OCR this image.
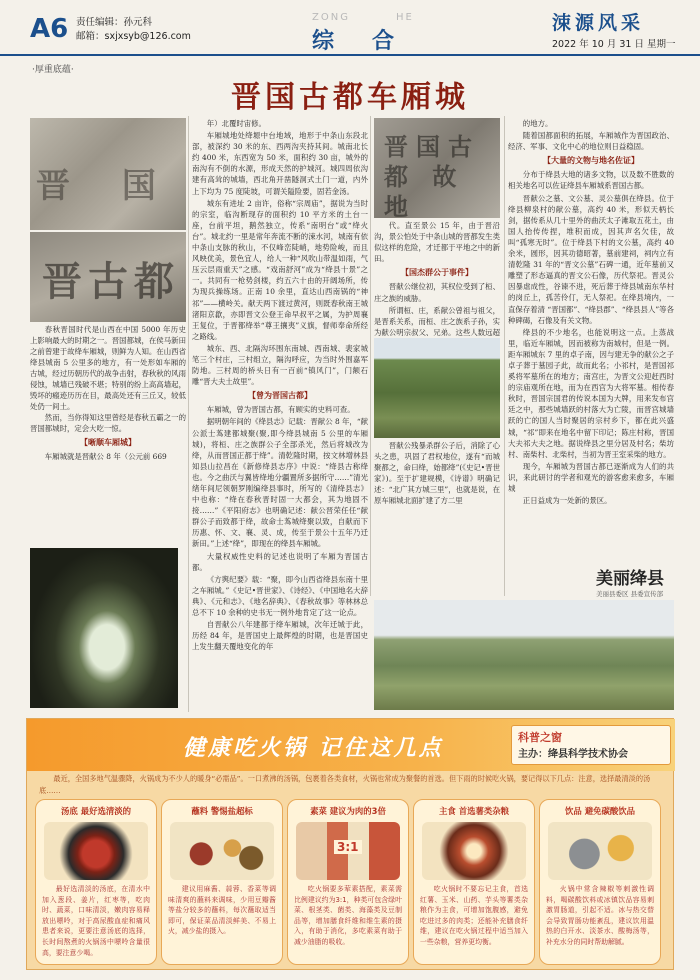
A6 责任编辑：孙元科
邮箱：sxjxsyb@126.com
ZONG	HE
综合
涑源风采
2022 年 10 月 31 日 星期一
·厚重底蕴·
晋国古都车厢城
晋 国
晋古都
晋国古都 故地

春秋晋国时代是山西在中国 5000 年历史上影响最大的时期之一。晋国都城，在侯马新田之前曾建于故绛车厢城，则鲜为人知。在山西省绛县城南 5 公里多的地方，有一处形如车厢的古城，经过历朝历代的战争击射，春秋秋的风雨侵蚀，城墙已残破不堪；特别的纷上高高墙起，毁坏的瘢迹历历在目，最高处还有三丘又，较低处仍一间土。

然而，当你得知这里曾经是春秋五霸之一的晋国都城时，定会大吃一惊。

【晰顺车厢城】

车厢城就是晋献公 8 年（公元前 669

年）北覆时宙修。

车厢城地处绛塬中台地域，地形于中条山东段北部，被深约 30 米的东、西两沟夹持其间。城南北长约 400 米，东西宽为 50 米，面积约 30 亩，城外的南沟有不倒的水源，形成天然的护城河。城四周依沟建有高耸的城墙，西北角开凿隧洞式土门一道，内外上下均为 75 度陡坡，可谓关隘险要，固若金汤。

城东有进址 2 亩许，俗称“宗周庙”，据说为当时的宗室，临沟断现存的面积约 10 平方米的土台一座，台前平坦，鹅然独立，传系“南明台”或“绛火台”。城北约一里是常年奔流不断的涑水河，城南有依中条山支脉的秋山，不仅峰峦陡峭，地势险峻，而且风映优美，景色宜人，给人一种“风吹山带温如雨，气压云层雨重天”之感。“戏南舒河”成为“绛县十景”之一。共同有一枪势剑楼，约五六十由的开阔场所，传为现兵操练场。正南 10 余里，直达山西南锅的“神祁”——横岭关。献天两下渡过黄河，则既春秋南王城渚阳京歙，亦即晋文公登王命早叔平之属，为护周襄王复位，于晋都绛举“尊王攘夷”义旗，督师奉命所经之路线。

城东、西、北隔沟环围东南城、西南城、裴家城笔三个村庄，三村组立，隔沟呼应，为当时外围嘉军防地。三村周的桥头日有一百前“镇风门”，门额石雕“晋大夫土故里”。

【曾为晋国古都】

车厢城，曾为晋国古都，有顾实的史料可查。

据明朝年间的《绛县志》记载：晋献公 8 年，“献公派士蒍建都城聚(聚,即今绛县城南 5 公里的车厢城)，将桓、庄之族群公子全部杀光，然后将城改为绛，从而晋国正都于绛”。清乾隆时期，按文林增林县知县山拉昌在《新修绛县志序》中说：“绛县古称绛也。今之曲沃与翼皆绛地分疆置所多据所守……”清光绪年间尼领朝罗刚编绛县事时，所写的《清绛县志》中也称：“绛在春秋晋时固一大都会，其为地固不接……”《平阳府志》也明确记述：献公晋荣任任“献群公子而致都于绛，故命士蒍城绛聚以致，自献而下历惠、怀、文、襄、灵、成，传至于景公十五年乃迁新田。”上述“绛”，即现在的绛县车厢城。

大量权威性史料的记述也说明了车厢为晋国古都。

《方舆纪要》载：“聚，即今山西省绛县东南十里之车厢城。”《史记•晋世家》、《诗经》、《中国地名大辞典》、《元和志》、《地名辞典》、《春秋故事》等林林总总不下 10 余种的史书无一例外地肯定了这一论点。

自晋献公八年建都于绛车厢城，次年迁城于此，历经 84 年，是晋国史上最辉煌的时期，也是晋国史上发生翻天覆地变化的年

代。直至景公 15 年，由于晋沿沟，景公怕处于中条山城的晋都发生类似这样的危险，才迁都于平地之中的新田。

【国杰群公于事件】

晋献公继位初，其权位受到了桓、庄之族的威胁。

所谓桓、庄，系献公曾祖与祖父，是晋系关系，而桓、庄之族系子孙，实为献公明宗叔父、兄弟。这些人数远超

晋献公残暴杀群公子后，消除了心头之患，巩固了君权地位，遂有“而城聚都之，命曰绛，始都绛”(《史记•晋世家》)。至于扩建规模，《诗谱》明确记述：“北广其方城三里”，也就是说，在原车厢城北面扩建了方二里

的地方。

随着国都面积的拓展，车厢城作为晋国政治、经济、军事、文化中心的地位则日益稳固。

【大量的文物与地名佐证】

分布于绛县大地的诸多文物，以及数不胜数的相关地名可以佐证绛县车厢城系晋国古都。

晋献公之墓、文公墓、灵公墓俱在绛县。位于绛县柳泉村的献公墓，高约 40 米，形似天柄长剑，据传系从几十里外的曲沃太子滩取五花土，由国人抬传传捏，堆积而成，因其声名欠佳，故叫“孤寒无时”。位于绛县下村的文公墓，高约 40 余米，圆形，因其功德昭著，墓前建祠，祠内立有清乾隆 31 年的“晋文公墓”石碑一通，近年墓前又雕塑了形态逼真的晋文公石像，历代祭祀。晋灵公因暴虐成性，谷谏不进，死后葬于绛县城南东华村的岗丘上，孤苦伶仃，无人祭祀。在绛县境内，一直保存着清 “晋国都”、“绛县郡”、“绛县县人”等各种碑碣，石像及有关文物。

绛县的不少地名，也能说明这一点。上蒸战里，临近车厢城，因而被称为南城村，但是一例。距车厢城东 7 里的卓子南，因与建无争的献公之子卓子葬于墓园子此，故而此名；小祁村，是晋国祁奚将军墓所在的地方；南宫庄，为晋文公迎赶西时的宗庙观所在地，而为在西宫为大将军墓。相传春秋时，晋国宗国君的传说本国为大牌，用来发布宫廷之中，那些城墙跃的村落大为亡陵，而晋宫城墙跃的亡的国人当时聚居的宗村乡下，都在此兴盛城，“祁”即来在地名中留下印记；陈庄村称，晋国大夫祁大夫之地。据说绛县之里分居及村名；柴坊村、南柴村、北柴村，当初为晋王室采柴的地方。

现今，车厢城为晋国古都已逐渐成为人们的共识，来此研讨的学者和观光的游客愈来愈多，车厢城

正日益成为一处新的景区。

健康吃火锅 记住这几点	科普之窗
主办：绛县科学技术协会
最近，全国多地气温骤降，火锅成为不少人的暖身“必需品”。一口煮沸的汤锅，包裹着各类食材，火锅也常成为聚餐的首选。但下雨的时候吃火锅，要记得以下几点：注意，选择最清淡的汤底……
汤底 最好选清淡的
最好选清淡的汤底，在清水中加入葱段、姜片，红枣等，吃肉时、蔬菜，口味清淡，嫩肉容易释放出嘌呤，对于高尿酸血症和痛风患者来说，更要注意汤底的选择，长时间熬煮的火锅汤中嘌呤含量很高，要注意少喝。
蘸料 警惕盐超标
建议用麻酱、蒜蓉、香菜等调味清爽的蘸料来调味，少用豆瓣酱等盐分较多的蘸料，每次蘸取适当即可，保证菜品清淡鲜美、不易上火，减少盐的摄入。
素菜 建议为肉的3倍
3:1
吃火锅要多荤素搭配，素菜需比例建议约为3:1，种类可包含绿叶菜、根茎类、菌类、海藻类及豆制品等，增加膳食纤维和维生素的摄入，有助于消化，多吃素菜有助于减少油脂的吸收。
主食 首选薯类杂粮
吃火锅时不要忘记主食，首选红薯、玉米、山药、芋头等薯类杂粮作为主食，可增加饱腹感，避免吃进过多的肉类；还能补充膳食纤维，建议在吃火锅过程中适当加入一些杂粮，营养更均衡。
饮品 避免碳酸饮品
火锅中常含辣椒等刺激性调料，喝碳酸饮料或冰镇饮品容易刺激胃肠道，引起不适。冰与热交替会导致胃肠功能紊乱，建议饮用温热的白开水、淡茶水、酸梅汤等，补充水分的同时帮助解腻。
美丽绛县
美丽县委区 县委宣传部
